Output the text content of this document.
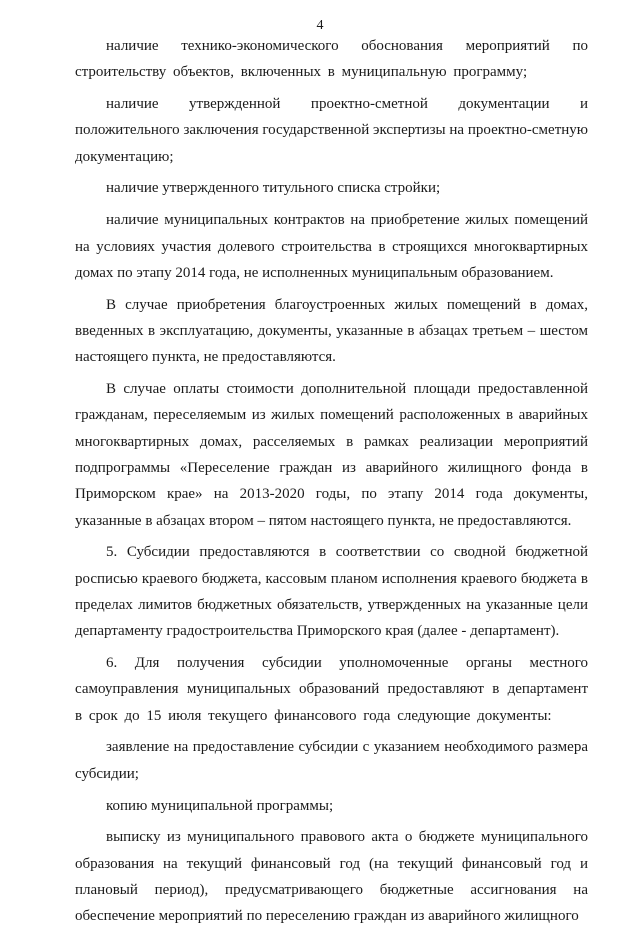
4

наличие технико-экономического обоснования мероприятий по строительству объектов, включенных в муниципальную программу;

наличие утвержденной проектно-сметной документации и положительного заключения государственной экспертизы на проектно-сметную документацию;

наличие утвержденного титульного списка стройки;

наличие муниципальных контрактов на приобретение жилых помещений на условиях участия долевого строительства в строящихся многоквартирных домах по этапу 2014 года, не исполненных муниципальным образованием.

В случае приобретения благоустроенных жилых помещений в домах, введенных в эксплуатацию, документы, указанные в абзацах третьем – шестом настоящего пункта, не предоставляются.

В случае оплаты стоимости дополнительной площади предоставленной гражданам, переселяемым из жилых помещений расположенных в аварийных многоквартирных домах, расселяемых в рамках реализации мероприятий подпрограммы «Переселение граждан из аварийного жилищного фонда в Приморском крае» на 2013-2020 годы, по этапу 2014 года документы, указанные в абзацах втором – пятом настоящего пункта, не предоставляются.

5. Субсидии предоставляются в соответствии со сводной бюджетной росписью краевого бюджета, кассовым планом исполнения краевого бюджета в пределах лимитов бюджетных обязательств, утвержденных на указанные цели департаменту градостроительства Приморского края (далее - департамент).

6. Для получения субсидии уполномоченные органы местного самоуправления муниципальных образований предоставляют в департамент в срок до 15 июля текущего финансового года следующие документы:

заявление на предоставление субсидии с указанием необходимого размера субсидии;

копию муниципальной программы;

выписку из муниципального правового акта о бюджете муниципального образования на текущий финансовый год (на текущий финансовый год и плановый период), предусматривающего бюджетные ассигнования на обеспечение мероприятий по переселению граждан из аварийного жилищного
